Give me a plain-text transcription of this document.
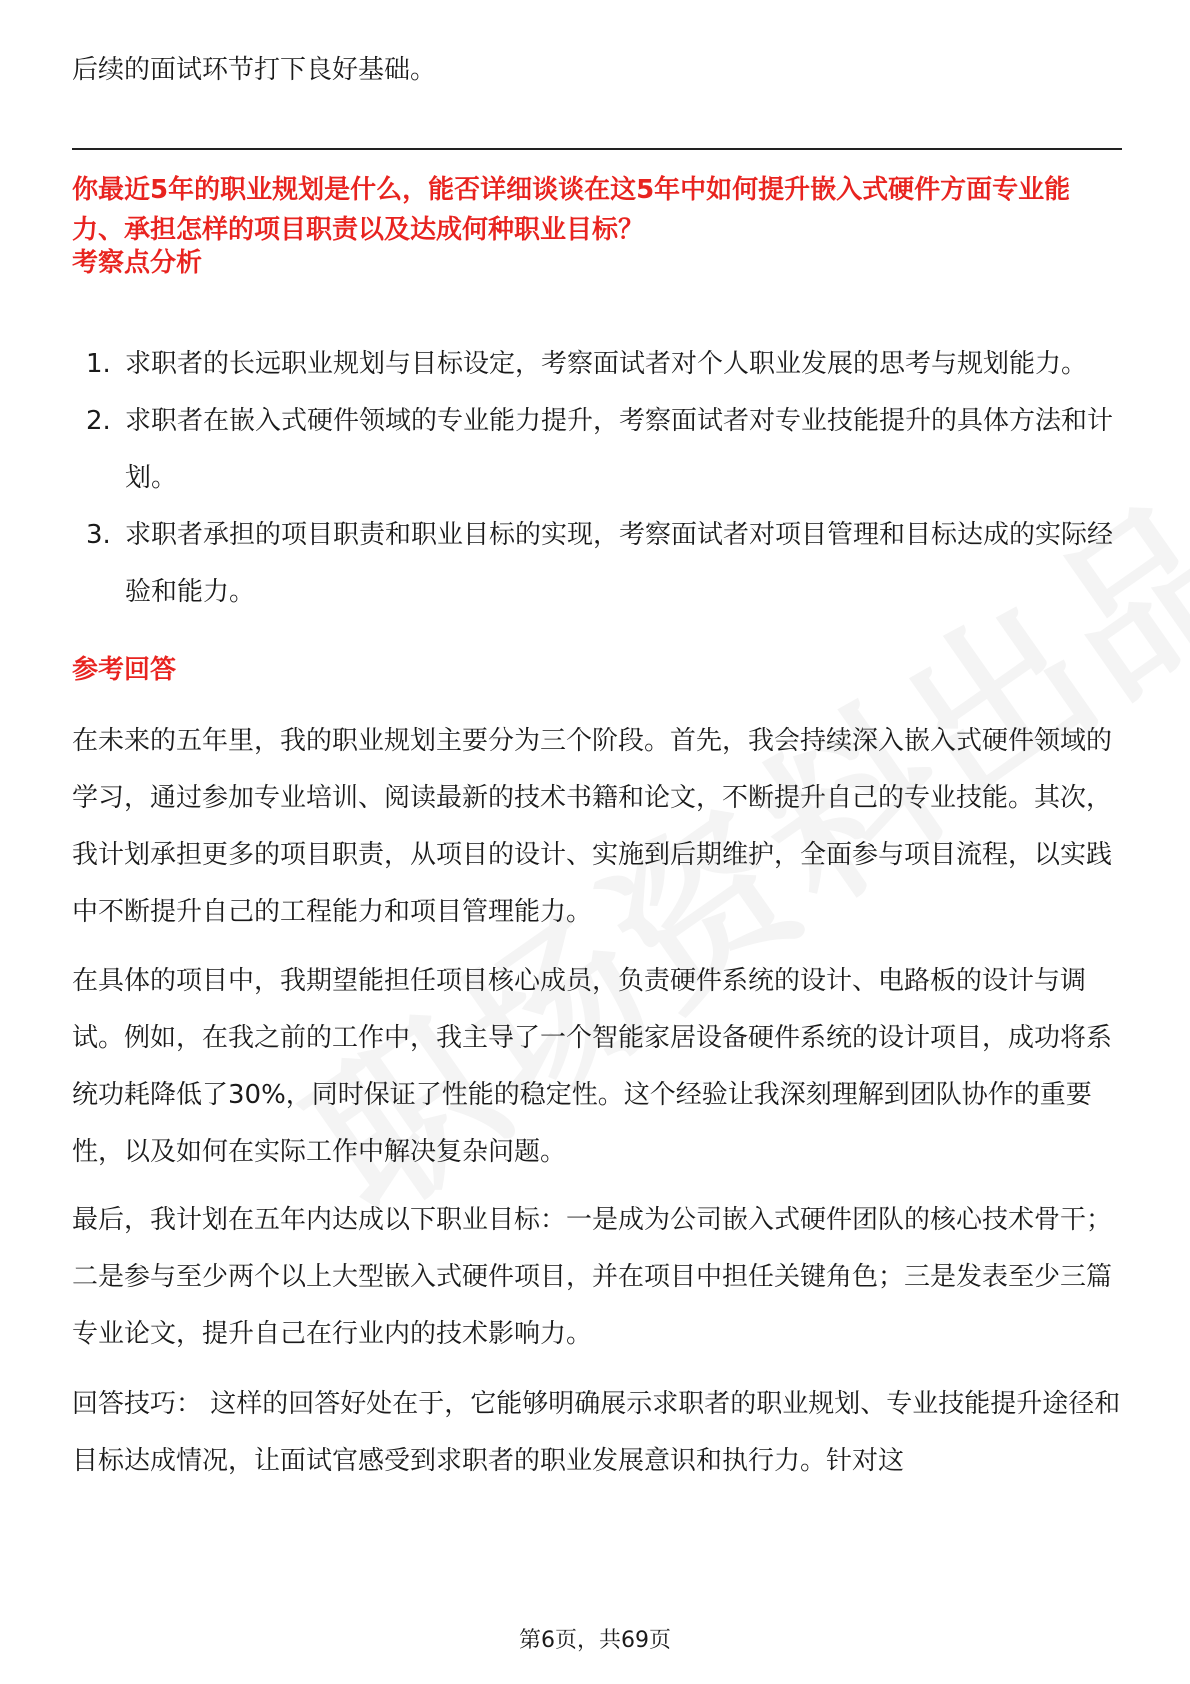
后续的面试环节打下良好基础。
你最近5年的职业规划是什么，能否详细谈谈在这5年中如何提升嵌入式硬件方面专业能力、承担怎样的项目职责以及达成何种职业目标？
考察点分析
1. 求职者的长远职业规划与目标设定，考察面试者对个人职业发展的思考与规划能力。
2. 求职者在嵌入式硬件领域的专业能力提升，考察面试者对专业技能提升的具体方法和计划。
3. 求职者承担的项目职责和职业目标的实现，考察面试者对项目管理和目标达成的实际经验和能力。
参考回答
在未来的五年里，我的职业规划主要分为三个阶段。首先，我会持续深入嵌入式硬件领域的学习，通过参加专业培训、阅读最新的技术书籍和论文，不断提升自己的专业技能。其次，我计划承担更多的项目职责，从项目的设计、实施到后期维护，全面参与项目流程，以实践中不断提升自己的工程能力和项目管理能力。
在具体的项目中，我期望能担任项目核心成员，负责硬件系统的设计、电路板的设计与调试。例如，在我之前的工作中，我主导了一个智能家居设备硬件系统的设计项目，成功将系统功耗降低了30%，同时保证了性能的稳定性。这个经验让我深刻理解到团队协作的重要性，以及如何在实际工作中解决复杂问题。
最后，我计划在五年内达成以下职业目标：一是成为公司嵌入式硬件团队的核心技术骨干；二是参与至少两个以上大型嵌入式硬件项目，并在项目中担任关键角色；三是发表至少三篇专业论文，提升自己在行业内的技术影响力。
回答技巧： 这样的回答好处在于，它能够明确展示求职者的职业规划、专业技能提升途径和目标达成情况，让面试官感受到求职者的职业发展意识和执行力。针对这
第6页，共69页
